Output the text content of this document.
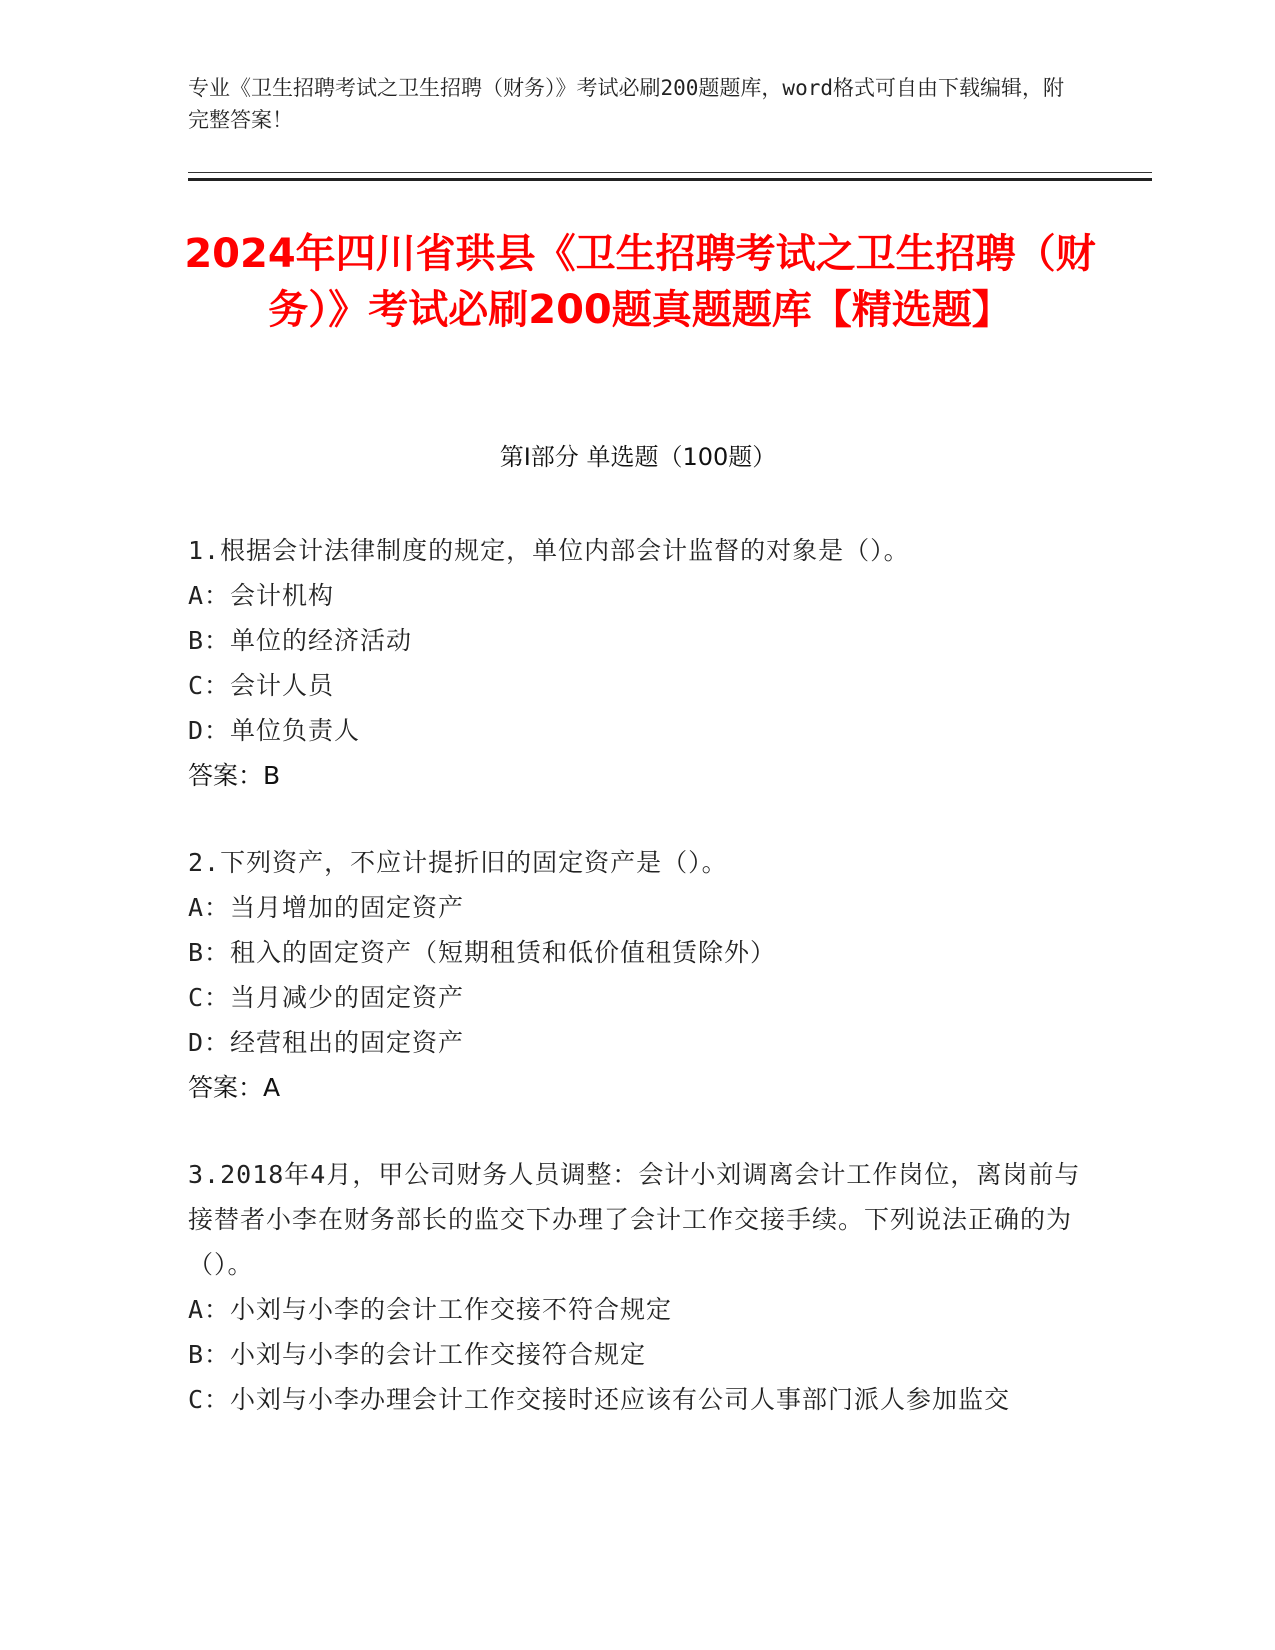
专业《卫生招聘考试之卫生招聘（财务）》考试必刷200题题库，word格式可自由下载编辑，附完整答案！
2024年四川省珙县《卫生招聘考试之卫生招聘（财务）》考试必刷200题真题题库【精选题】
第I部分 单选题（100题）
1.根据会计法律制度的规定，单位内部会计监督的对象是（）。
A：会计机构
B：单位的经济活动
C：会计人员
D：单位负责人
答案：B
2.下列资产，不应计提折旧的固定资产是（）。
A：当月增加的固定资产
B：租入的固定资产（短期租赁和低价值租赁除外）
C：当月减少的固定资产
D：经营租出的固定资产
答案：A
3.2018年4月，甲公司财务人员调整：会计小刘调离会计工作岗位，离岗前与接替者小李在财务部长的监交下办理了会计工作交接手续。下列说法正确的为（）。
A：小刘与小李的会计工作交接不符合规定
B：小刘与小李的会计工作交接符合规定
C：小刘与小李办理会计工作交接时还应该有公司人事部门派人参加监交
